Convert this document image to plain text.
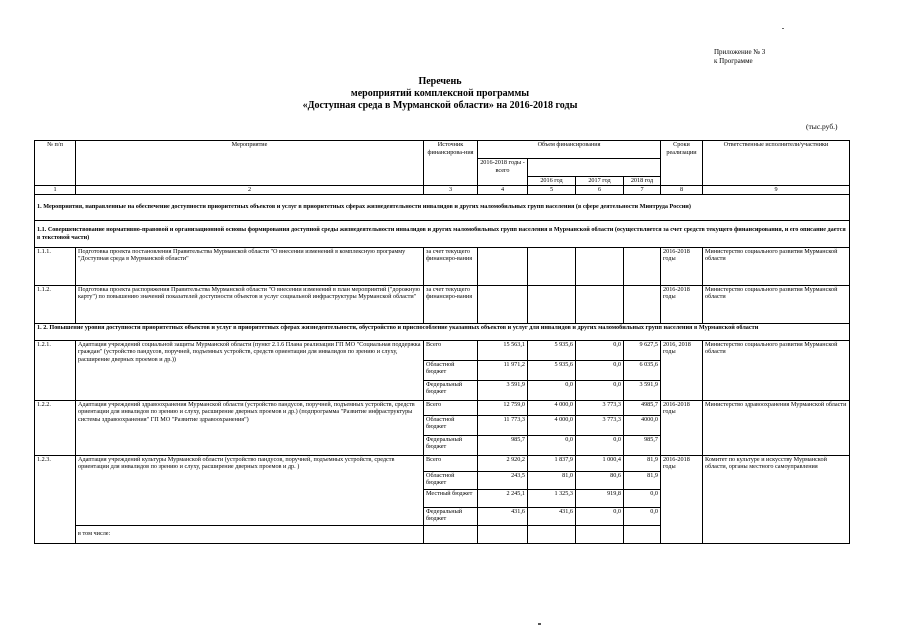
Приложение № 3
к Программе
Перечень
мероприятий комплексной программы
«Доступная среда в Мурманской области» на 2016-2018 годы
(тыс.руб.)
№ п/п	Мероприятие	Источник финансирова-ния	Объем финансирования				Сроки реализации	Ответственные исполнители/участники
			2016-2018 годы - всего					
				2016 год	2017 год	2018 год		
1	2	3	4	5	6	7	8	9
1. Мероприятия, направленные на обеспечение доступности приоритетных объектов и услуг в приоритетных сферах жизнедеятельности инвалидов и других маломобильных групп населения (в сфере деятельности Минтруда России)								
1.1. Совершенствование нормативно-правовой и организационной основы формирования доступной среды жизнедеятельности инвалидов и других маломобильных групп населения в Мурманской области (осуществляется за счет средств текущего финансирования, и его описание дается в текстовой части)								
1.1.1.	Подготовка проекта постановления Правительства Мурманской области "О внесении изменений в комплексную программу "Доступная среда в Мурманской области"	за счет текущего финансиро-вания					2016-2018 годы	Министерство социального развития Мурманской области
1.1.2.	Подготовка проекта распоряжения Правительства Мурманской области "О внесении изменений в план мероприятий ("дорожную карту") по повышению значений показателей доступности объектов и услуг социальной инфраструктуры Мурманской области"	за счет текущего финансиро-вания					2016-2018 годы	Министерство социального развития Мурманской области
1. 2. Повышение уровня доступности приоритетных объектов и услуг в приоритетных сферах жизнедеятельности, обустройство и приспособление указанных объектов и услуг для инвалидов и других маломобильных групп населения в Мурманской области								
1.2.1.	Адаптация учреждений социальной защиты Мурманской области (пункт 2.1.6 Плана реализации ГП МО "Социальная поддержка граждан" (устройство пандусов, поручней, подъемных устройств, средств ориентации для инвалидов по зрению и слуху, расширение дверных проемов и др.))	Всего	15 563,1	5 935,6	0,0	9 627,5	2016, 2018 годы	Министерство социального развития Мурманской области
		Областной бюджет	11 971,2	5 935,6	0,0	6 035,6		
		Федеральный бюджет	3 591,9	0,0	0,0	3 591,9		
1.2.2.	Адаптация учреждений здравоохранения Мурманской области (устройство пандусов, поручней, подъемных устройств, средств ориентации для инвалидов по зрению и слуху, расширение дверных проемов и др.) (подпрограмма "Развитие инфраструктуры системы здравоохранения" ГП МО "Развитие здравоохранения")	Всего	12 759,0	4 000,0	3 773,3	4985,7	2016-2018 годы	Министерство здравоохранения Мурманской области
		Областной бюджет	11 773,3	4 000,0	3 773,3	4000,0		
		Федеральный бюджет	985,7	0,0	0,0	985,7		
1.2.3.	Адаптация учреждений культуры Мурманской области (устройство пандусов, поручней, подъемных устройств, средств ориентации для инвалидов по зрению и слуху, расширение дверных проемов и др. )	Всего	2 920,2	1 837,9	1 000,4	81,9	2016-2018 годы	Комитет по культуре и искусству Мурманской области, органы местного самоуправления
		Областной бюджет	243,5	81,0	80,6	81,9		
		Местный бюджет	2 245,1	1 325,3	919,8	0,0		
		Федеральный бюджет	431,6	431,6	0,0	0,0		
	в том числе:							
